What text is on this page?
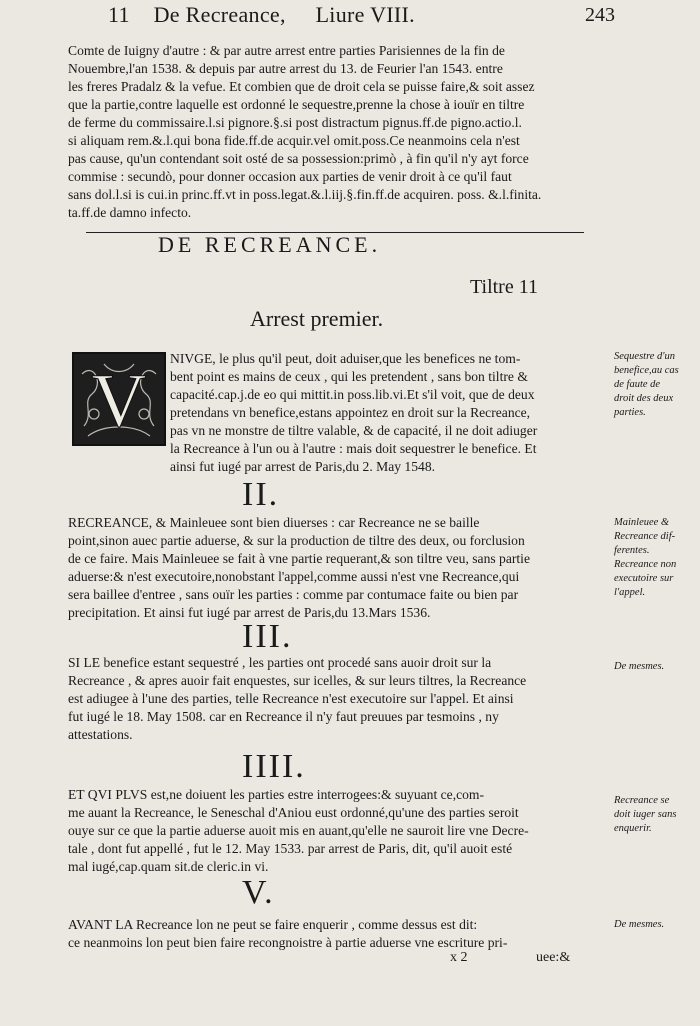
11 De Recreance, Liure VIII.	243
Comte de Iuigny d'autre : & par autre arrest entre parties Parisiennes de la fin de
Nouembre,l'an 1538. & depuis par autre arrest du 13. de Feurier l'an 1543. entre
les freres Pradalz & la vefue. Et combien que de droit cela se puisse faire,& soit assez
que la partie,contre laquelle est ordonné le sequestre,prenne la chose à iouïr en tiltre
de ferme du commissaire.l.si pignore.§.si post distractum pignus.ff.de pigno.actio.l.
si aliquam rem.&.l.qui bona fide.ff.de acquir.vel omit.poss.Ce neanmoins cela n'est
pas cause, qu'un contendant soit osté de sa possession:primò , à fin qu'il n'y ayt force
commise : secundò, pour donner occasion aux parties de venir droit à ce qu'il faut
sans dol.l.si is cui.in princ.ff.vt in poss.legat.&.l.iij.§.fin.ff.de acquiren. poss. &.l.finita.
ta.ff.de damno infecto.
DE RECREANCE.
Tiltre 11
Arrest premier.
V
NIVGE, le plus qu'il peut, doit aduiser,que les benefices ne tom-
bent point es mains de ceux , qui les pretendent , sans bon tiltre &
capacité.cap.j.de eo qui mittit.in poss.lib.vi.Et s'il voit, que de deux
pretendans vn benefice,estans appointez en droit sur la Recreance,
pas vn ne monstre de tiltre valable, & de capacité, il ne doit adiuger
la Recreance à l'un ou à l'autre : mais doit sequestrer le benefice. Et
ainsi fut iugé par arrest de Paris,du 2. May 1548.
II.
RECREANCE, & Mainleuee sont bien diuerses : car Recreance ne se baille
point,sinon auec partie aduerse, & sur la production de tiltre des deux, ou forclusion
de ce faire. Mais Mainleuee se fait à vne partie requerant,& son tiltre veu, sans partie
aduerse:& n'est executoire,nonobstant l'appel,comme aussi n'est vne Recreance,qui
sera baillee d'entree , sans ouïr les parties : comme par contumace faite ou bien par
precipitation. Et ainsi fut iugé par arrest de Paris,du 13.Mars 1536.
III.
SI LE benefice estant sequestré , les parties ont procedé sans auoir droit sur la
Recreance , & apres auoir fait enquestes, sur icelles, & sur leurs tiltres, la Recreance
est adiugee à l'une des parties, telle Recreance n'est executoire sur l'appel. Et ainsi
fut iugé le 18. May 1508. car en Recreance il n'y faut preuues par tesmoins , ny
attestations.
IIII.
ET QVI PLVS est,ne doiuent les parties estre interrogees:& suyuant ce,com-
me auant la Recreance, le Seneschal d'Aniou eust ordonné,qu'une des parties seroit
ouye sur ce que la partie aduerse auoit mis en auant,qu'elle ne sauroit lire vne Decre-
tale , dont fut appellé , fut le 12. May 1533. par arrest de Paris, dit, qu'il auoit esté
mal iugé,cap.quam sit.de cleric.in vi.
V.
AVANT LA Recreance lon ne peut se faire enquerir , comme dessus est dit:
ce neanmoins lon peut bien faire recongnoistre à partie aduerse vne escriture pri-
Sequestre d'un
benefice,au cas
de faute de
droit des deux
parties.
Mainleuee &
Recreance dif-
ferentes.
Recreance non
executoire sur
l'appel.
De mesmes.
Recreance se
doit iuger sans
enquerir.
De mesmes.
x 2	uee:&
